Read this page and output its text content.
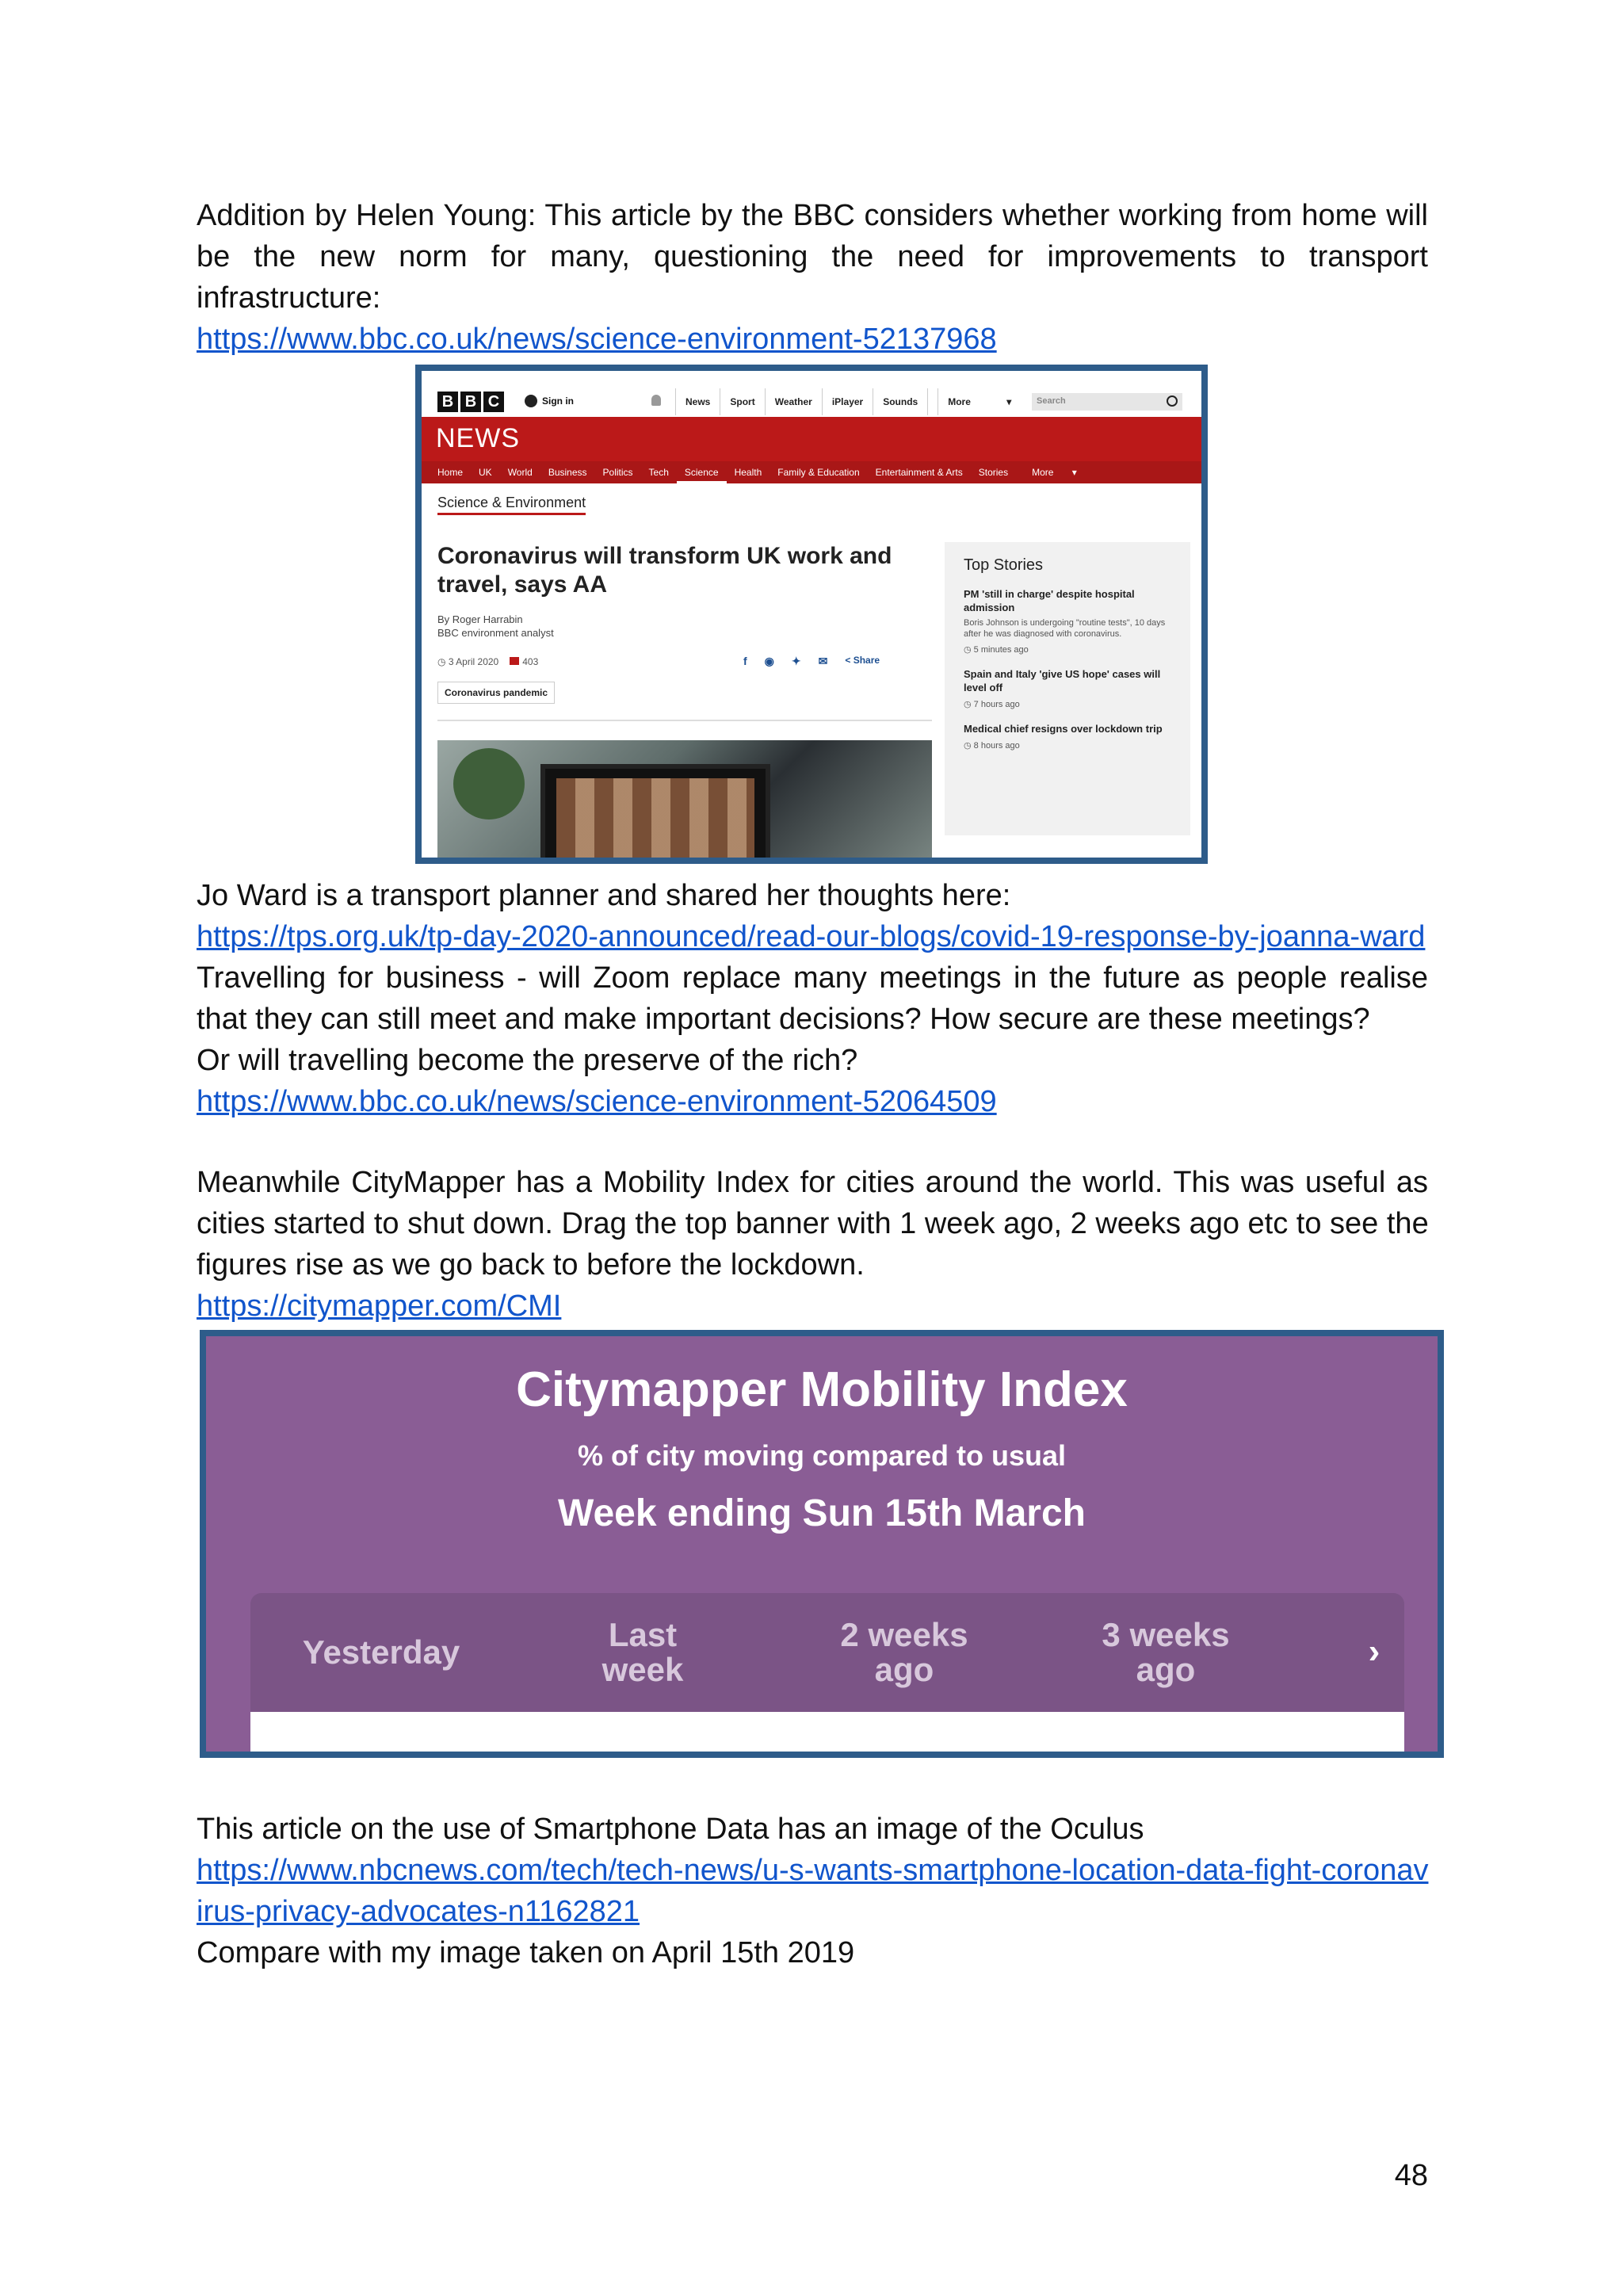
Addition by Helen Young: This article by the BBC considers whether working from home will
be the new norm for many, questioning the need for improvements to transport
infrastructure:
https://www.bbc.co.uk/news/science-environment-52137968
B B C	Sign in	News	Sport	Weather	iPlayer	Sounds	More	▾	Search
NEWS
Home	UK	World	Business	Politics	Tech	Science	Health	Family & Education	Entertainment & Arts	Stories	More ▾
Science & Environment
Coronavirus will transform UK work and travel, says AA
By Roger Harrabin
BBC environment analyst
◷ 3 April 2020	403	f ◉ ✦ ✉ < Share
Coronavirus pandemic
Top Stories
PM 'still in charge' despite hospital admission
Boris Johnson is undergoing "routine tests", 10 days after he was diagnosed with coronavirus.
◷ 5 minutes ago
Spain and Italy 'give US hope' cases will level off
◷ 7 hours ago
Medical chief resigns over lockdown trip
◷ 8 hours ago
Jo Ward is a transport planner and shared her thoughts here:
https://tps.org.uk/tp-day-2020-announced/read-our-blogs/covid-19-response-by-joanna-ward
Travelling for business - will Zoom replace many meetings in the future as people realise
that they can still meet and make important decisions? How secure are these meetings?
Or will travelling become the preserve of the rich?
https://www.bbc.co.uk/news/science-environment-52064509
Meanwhile CityMapper has a Mobility Index for cities around the world. This was useful as
cities started to shut down. Drag the top banner with 1 week ago, 2 weeks ago etc to see the
figures rise as we go back to before the lockdown.
https://citymapper.com/CMI
Citymapper Mobility Index
% of city moving compared to usual
Week ending Sun 15th March
Yesterday	Last week
2 weeks ago
3 weeks ago	›
This article on the use of Smartphone Data has an image of the Oculus
https://www.nbcnews.com/tech/tech-news/u-s-wants-smartphone-location-data-fight-coronav
irus-privacy-advocates-n1162821
Compare with my image taken on April 15th 2019
48
